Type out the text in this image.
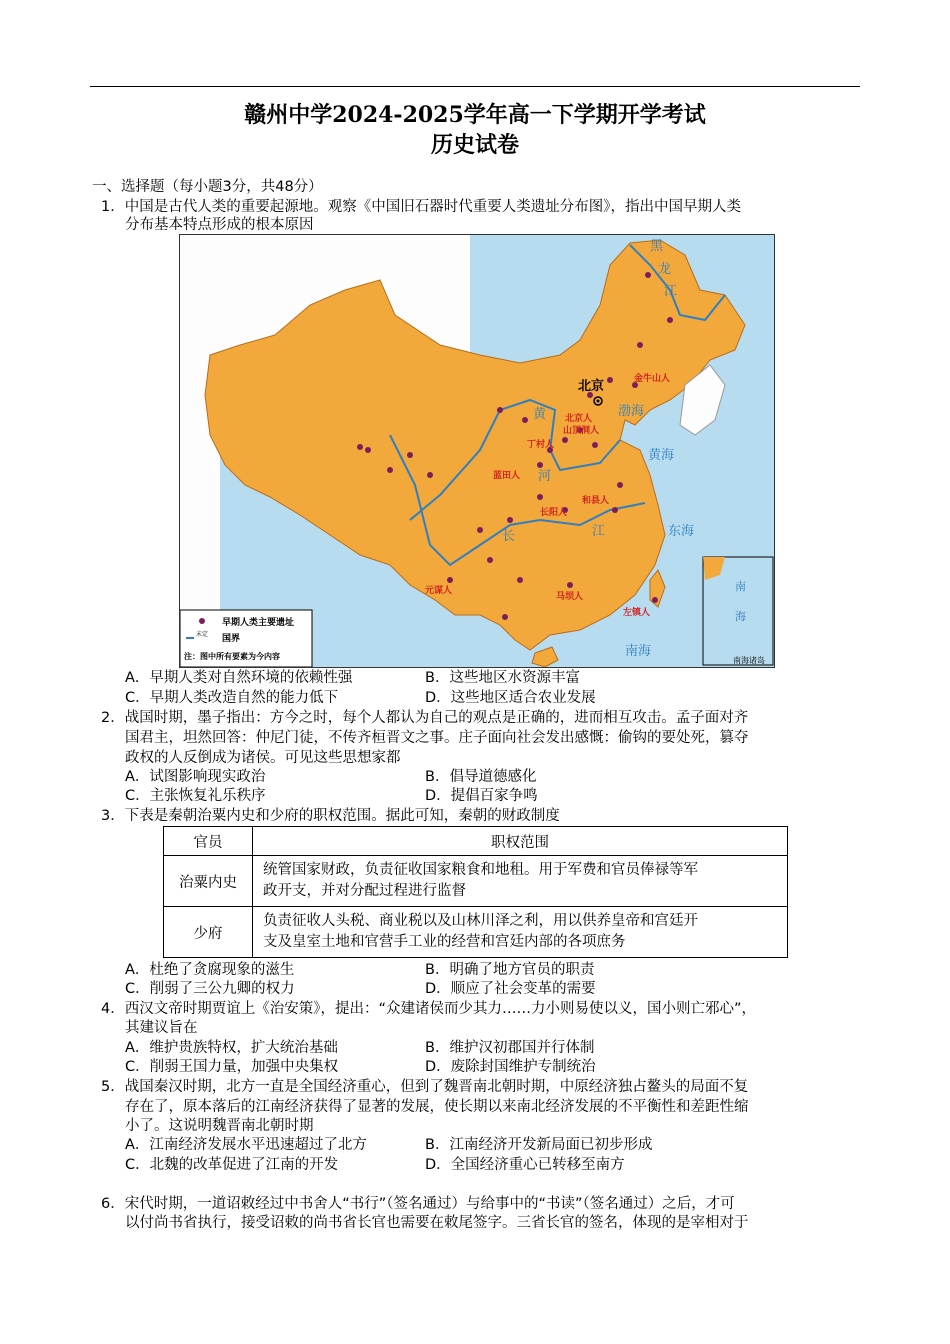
赣州中学2024-2025学年高一下学期开学考试
历史试卷
一、选择题（每小题3分，共48分）
1．中国是古代人类的重要起源地。观察《中国旧石器时代重要人类遗址分布图》，指出中国早期人类
分布基本特点形成的根本原因
北京	金牛山人
北京人
山顶洞人
丁村人
蓝田人
和县人
长阳人
元谋人
马坝人
左镇人
黄
河
长	江
渤海
黄海
东海
南海
黑
龙
江
南
海
南海诸岛
早期人类主要遗址
未定 国界
注：图中所有要素为今内容
A．早期人类对自然环境的依赖性强	B．这些地区水资源丰富
C．早期人类改造自然的能力低下	D．这些地区适合农业发展
2．战国时期，墨子指出：方今之时，每个人都认为自己的观点是正确的，进而相互攻击。孟子面对齐
国君主，坦然回答：仲尼门徒，不传齐桓晋文之事。庄子面向社会发出感慨：偷钩的要处死，篡夺
政权的人反倒成为诸侯。可见这些思想家都
A．试图影响现实政治	B．倡导道德感化
C．主张恢复礼乐秩序	D．提倡百家争鸣
3．下表是秦朝治粟内史和少府的职权范围。据此可知，秦朝的财政制度
官员	职权范围
治粟内史	统管国家财政，负责征收国家粮食和地租。用于军费和官员俸禄等军
政开支，并对分配过程进行监督

少府	负责征收人头税、商业税以及山林川泽之利，用以供养皇帝和宫廷开
支及皇室土地和官营手工业的经营和宫廷内部的各项庶务
A．杜绝了贪腐现象的滋生	B．明确了地方官员的职责
C．削弱了三公九卿的权力	D．顺应了社会变革的需要
4．西汉文帝时期贾谊上《治安策》，提出：“众建诸侯而少其力……力小则易使以义，国小则亡邪心”，
其建议旨在
A．维护贵族特权，扩大统治基础	B．维护汉初郡国并行体制
C．削弱王国力量，加强中央集权	D．废除封国维护专制统治
5．战国秦汉时期，北方一直是全国经济重心，但到了魏晋南北朝时期，中原经济独占鳌头的局面不复
存在了，原本落后的江南经济获得了显著的发展，使长期以来南北经济发展的不平衡性和差距性缩
小了。这说明魏晋南北朝时期
A．江南经济发展水平迅速超过了北方	B．江南经济开发新局面已初步形成
C．北魏的改革促进了江南的开发	D．全国经济重心已转移至南方
6．宋代时期，一道诏敕经过中书舍人“书行”（签名通过）与给事中的“书读”（签名通过）之后，才可
以付尚书省执行，接受诏敕的尚书省长官也需要在敕尾签字。三省长官的签名，体现的是宰相对于
